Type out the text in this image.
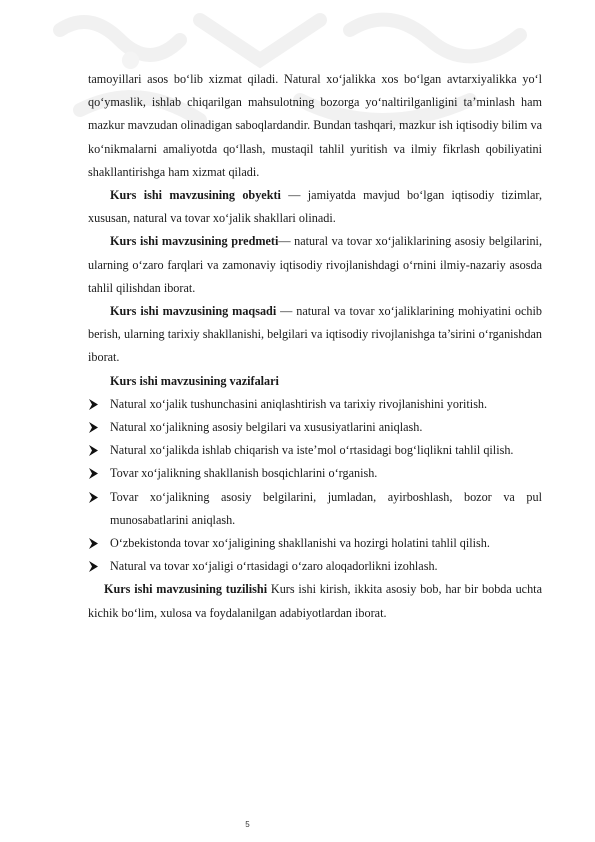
•

tamoyillari asos bo‘lib xizmat qiladi. Natural xo‘jalikka xos bo‘lgan avtarxiyalikka yo‘l qo‘ymaslik, ishlab chiqarilgan mahsulotning bozorga yo‘naltirilganligini ta’minlash ham mazkur mavzudan olinadigan saboqlardandir. Bundan tashqari, mazkur ish iqtisodiy bilim va ko‘nikmalarni amaliyotda qo‘llash, mustaqil tahlil yuritish va ilmiy fikrlash qobiliyatini shakllantirishga ham xizmat qiladi.

Kurs ishi mavzusining obyekti — jamiyatda mavjud bo‘lgan iqtisodiy tizimlar, xususan, natural va tovar xo‘jalik shakllari olinadi.

Kurs ishi mavzusining predmeti— natural va tovar xo‘jaliklarining asosiy belgilarini, ularning o‘zaro farqlari va zamonaviy iqtisodiy rivojlanishdagi o‘rnini ilmiy-nazariy asosda tahlil qilishdan iborat.

Kurs ishi mavzusining maqsadi — natural va tovar xo‘jaliklarining mohiyatini ochib berish, ularning tarixiy shakllanishi, belgilari va iqtisodiy rivojlanishga ta’sirini o‘rganishdan iborat.

Kurs ishi mavzusining vazifalari

Natural xo‘jalik tushunchasini aniqlashtirish va tarixiy rivojlanishini yoritish.
Natural xo‘jalikning asosiy belgilari va xususiyatlarini aniqlash.
Natural xo‘jalikda ishlab chiqarish va iste’mol o‘rtasidagi bog‘liqlikni tahlil qilish.
Tovar xo‘jalikning shakllanish bosqichlarini o‘rganish.
Tovar xo‘jalikning asosiy belgilarini, jumladan, ayirboshlash, bozor va pul munosabatlarini aniqlash.
O‘zbekistonda tovar xo‘jaligining shakllanishi va hozirgi holatini tahlil qilish.
Natural va tovar xo‘jaligi o‘rtasidagi o‘zaro aloqadorlikni izohlash.

Kurs ishi mavzusining tuzilishi Kurs ishi kirish, ikkita asosiy bob, har bir bobda uchta kichik bo‘lim, xulosa va foydalanilgan adabiyotlardan iborat.

5
